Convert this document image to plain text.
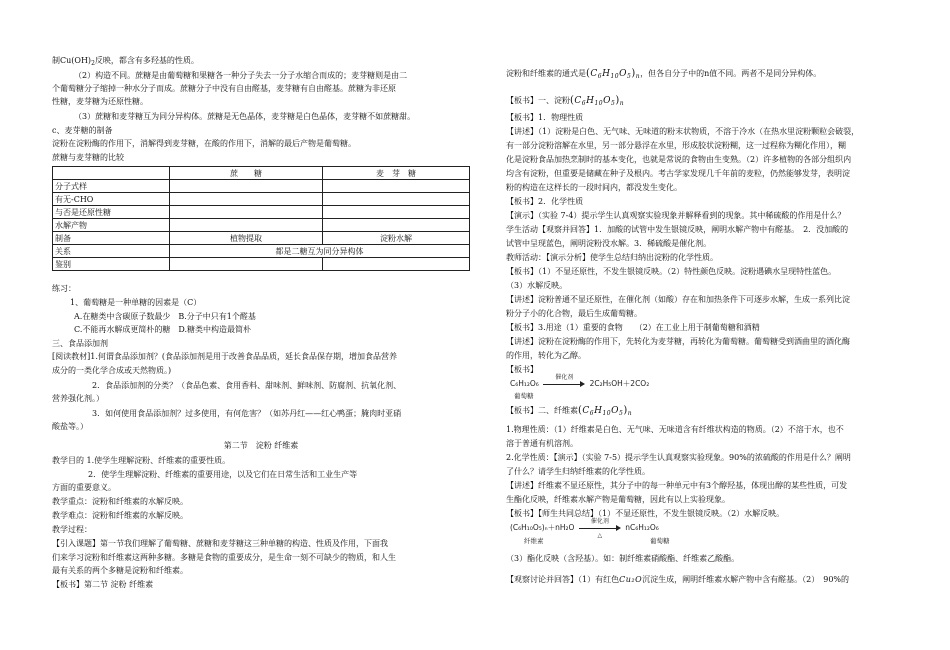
制$Cu(OH)_2$反映，都含有多羟基的性质。
（2）构造不同。蔗糖是由葡萄糖和果糖各一种分子失去一分子水缩合而成的；麦芽糖则是由二
个葡萄糖分子缩掉一种水分子而成。蔗糖分子中没有自由醛基，麦芽糖有自由醛基。蔗糖为非还原
性糖，麦芽糖为还原性糖。
（3）蔗糖和麦芽糖互为同分异构体。蔗糖是无色晶体，麦芽糖是白色晶体，麦芽糖不如蔗糖甜。
c、麦芽糖的制备
淀粉在淀粉酶的作用下，消解得到麦芽糖，在酸的作用下，消解的最后产物是葡萄糖。
蔗糖与麦芽糖的比较
	蔗　　糖	麦　芽　糖
分子式样		
有无-CHO		
与否是还原性糖		
水解产物		
制备	植物提取	淀粉水解
关系	都是二糖互为同分异构体	
鉴别		
练习：
1、葡萄糖是一种单糖的因素是（C）
A.在糖类中含碳原子数最少　B.分子中只有1个醛基
C.不能再水解成更简朴的糖　D.糖类中构造最简朴
三、食品添加剂
[阅读教材]1.何谓食品添加剂？(食品添加剂是用于改善食品品质，延长食品保存期，增加食品营养
成分的一类化学合成或天然物质。)
2．食品添加剂的分类？（食品色素、食用香料、甜味剂、鲜味剂、防腐剂、抗氧化剂、
营养强化剂。）
3．如何使用食品添加剂？过多使用，有何危害？（如苏丹红——红心鸭蛋；腌肉时亚硝
酸盐等。）
第二节　淀粉 纤维素
教学目的 1.使学生理解淀粉、纤维素的重要性质。
2．使学生理解淀粉、纤维素的重要用途，以及它们在日常生活和工业生产等
方面的重要意义。
教学重点：淀粉和纤维素的水解反映。
教学难点：淀粉和纤维素的水解反映。
教学过程：
【引入课题】第一节我们理解了葡萄糖、蔗糖和麦芽糖这三种单糖的构造、性质及作用，下面我
们来学习淀粉和纤维素这两种多糖。多糖是食物的重要成分，是生命一刻不可缺少的物质，和人生
最有关系的两个多糖是淀粉和纤维素。
【板书】第二节 淀粉 纤维素
淀粉和纤维素的通式是$(C_6H_{10}O_5)_n$，但各自分子中的n值不同。两者不是同分异构体。
【板书】一、淀粉$(C_6H_{10}O_5)_n$
【板书】1．物理性质
【讲述】（1）淀粉是白色、无气味、无味道的粉末状物质，不溶于冷水（在热水里淀粉颗粒会破裂，
有一部分淀粉溶解在水里，另一部分悬浮在水里，形成胶状淀粉糊，这一过程称为糊化作用），糊
化是淀粉食品加热烹制时的基本变化，也就是常说的食物由生变熟。（2）许多植物的各部分组织内
均含有淀粉，但重要是储藏在种子及根内。考古学家发现几千年前的麦粒，仍然能够发芽，表明淀
粉的构造在这样长的一段时间内，都没发生变化。
【板书】2．化学性质
【演示】（实验 7-4）提示学生认真观察实验现象并解释看到的现象。其中稀硫酸的作用是什么？
学生活动【观察并回答】1．加酸的试管中发生银镜反映，阐明水解产物中有醛基。　2．没加酸的
试管中呈现蓝色，阐明淀粉没水解。3．稀硫酸是催化剂。
教师活动：【演示分析】使学生总结归纳出淀粉的化学性质。
【板书】（1）不显还原性，不发生银镜反映。（2）特性颜色反映。淀粉遇碘水呈现特性蓝色。
（3）水解反映。
【讲述】淀粉普通不显还原性，在催化剂（如酸）存在和加热条件下可逐步水解，生成一系列比淀
粉分子小的化合物，最后生成葡萄糖。
【板书】3.用途（1）重要的食物　　（2）在工业上用于制葡萄糖和酒精
【讲述】淀粉在淀粉酶的作用下，先转化为麦芽糖，再转化为葡萄糖。葡萄糖受到酒曲里的酒化酶
的作用，转化为乙醇。
【板书】
C₆H₁₂O₆
催化剂
2C₂H₅OH＋2CO₂
葡萄糖
【板书】二、纤维素$(C_6H_{10}O_5)_n$
1.物理性质：（1）纤维素是白色、无气味、无味道含有纤维状构造的物质。（2）不溶于水，也不
溶于普通有机溶剂。
2.化学性质：【演示】（实验 7-5）提示学生认真观察实验现象。90%的浓硫酸的作用是什么？阐明
了什么？请学生归纳纤维素的化学性质。
【讲述】纤维素不显还原性，其分子中的每一种单元中有3个醇羟基，体现出醇的某些性质，可发
生酯化反映，纤维素水解产物是葡萄糖，因此有以上实验现象。
【板书】【师生共同总结】（1）不显还原性，不发生银镜反映。（2）水解反映。
(C₆H₁₀O₅)ₙ＋nH₂O
催化剂
△
nC₆H₁₂O₆
纤维素	葡萄糖
（3）酯化反映（含羟基）。如：制纤维素硝酸酯、纤维素乙酸酯。
【观察讨论并回答】（1）有红色Cu₂O沉淀生成，阐明纤维素水解产物中含有醛基。（2）　90%的
